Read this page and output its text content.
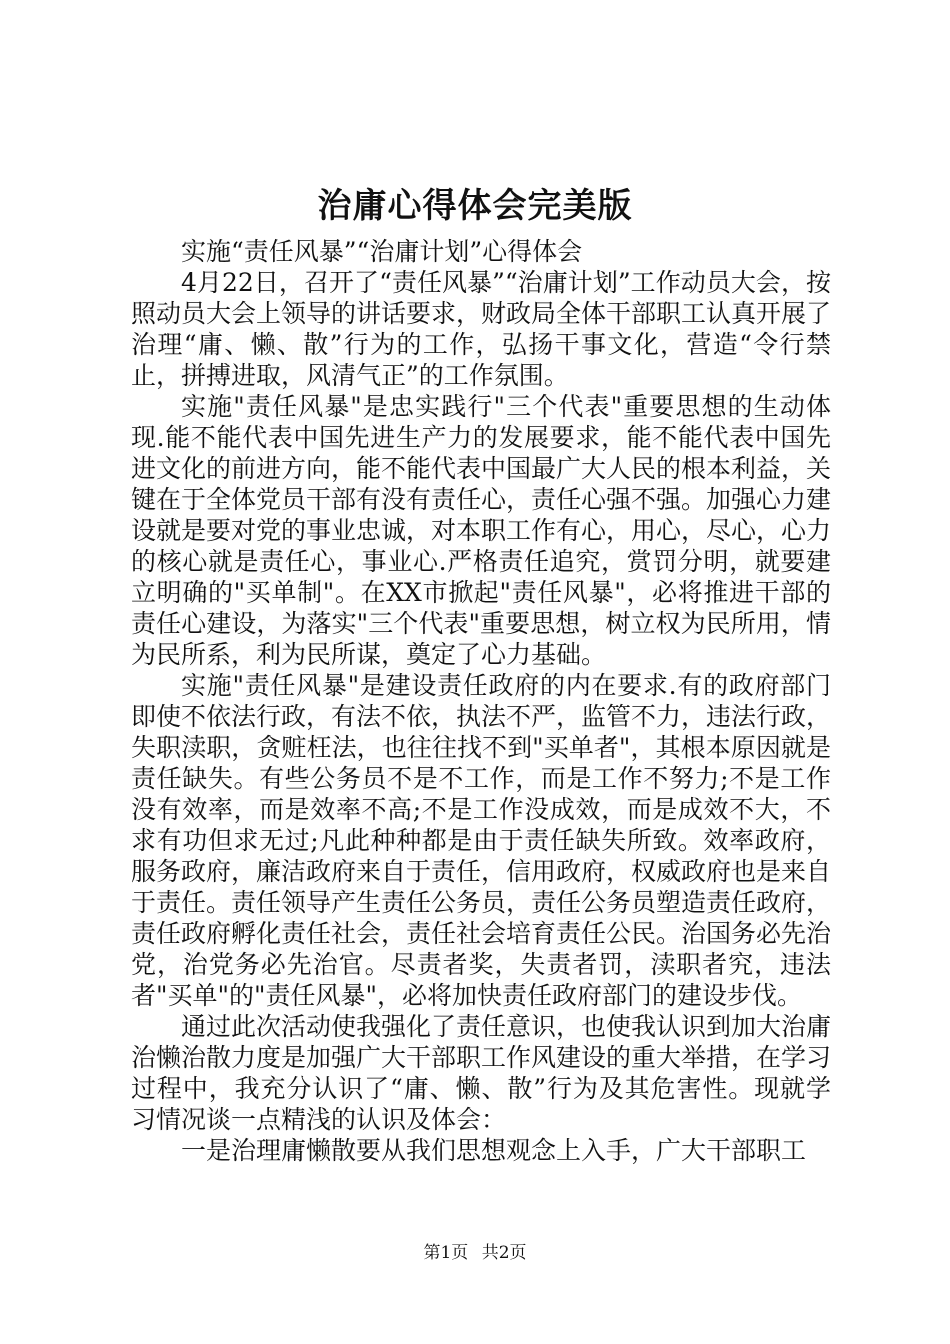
治庸心得体会完美版

实施“责任风暴”“治庸计划”心得体会

4月22日，召开了“责任风暴”“治庸计划”工作动员大会，按照动员大会上领导的讲话要求，财政局全体干部职工认真开展了治理“庸、懒、散”行为的工作，弘扬干事文化，营造“令行禁止，拼搏进取，风清气正”的工作氛围。

实施"责任风暴"是忠实践行"三个代表"重要思想的生动体现.能不能代表中国先进生产力的发展要求，能不能代表中国先进文化的前进方向，能不能代表中国最广大人民的根本利益，关键在于全体党员干部有没有责任心，责任心强不强。加强心力建设就是要对党的事业忠诚，对本职工作有心，用心，尽心，心力的核心就是责任心，事业心.严格责任追究，赏罚分明，就要建立明确的"买单制"。在XX市掀起"责任风暴"，必将推进干部的责任心建设，为落实"三个代表"重要思想，树立权为民所用，情为民所系，利为民所谋，奠定了心力基础。

实施"责任风暴"是建设责任政府的内在要求.有的政府部门即使不依法行政，有法不依，执法不严，监管不力，违法行政，失职渎职，贪赃枉法，也往往找不到"买单者"，其根本原因就是责任缺失。有些公务员不是不工作，而是工作不努力;不是工作没有效率，而是效率不高;不是工作没成效，而是成效不大，不求有功但求无过;凡此种种都是由于责任缺失所致。效率政府，服务政府，廉洁政府来自于责任，信用政府，权威政府也是来自于责任。责任领导产生责任公务员，责任公务员塑造责任政府，责任政府孵化责任社会，责任社会培育责任公民。治国务必先治党，治党务必先治官。尽责者奖，失责者罚，渎职者究，违法者"买单"的"责任风暴"，必将加快责任政府部门的建设步伐。

通过此次活动使我强化了责任意识，也使我认识到加大治庸治懒治散力度是加强广大干部职工作风建设的重大举措，在学习过程中，我充分认识了“庸、懒、散”行为及其危害性。现就学习情况谈一点精浅的认识及体会：

一是治理庸懒散要从我们思想观念上入手，广大干部职工

第1页 共2页
